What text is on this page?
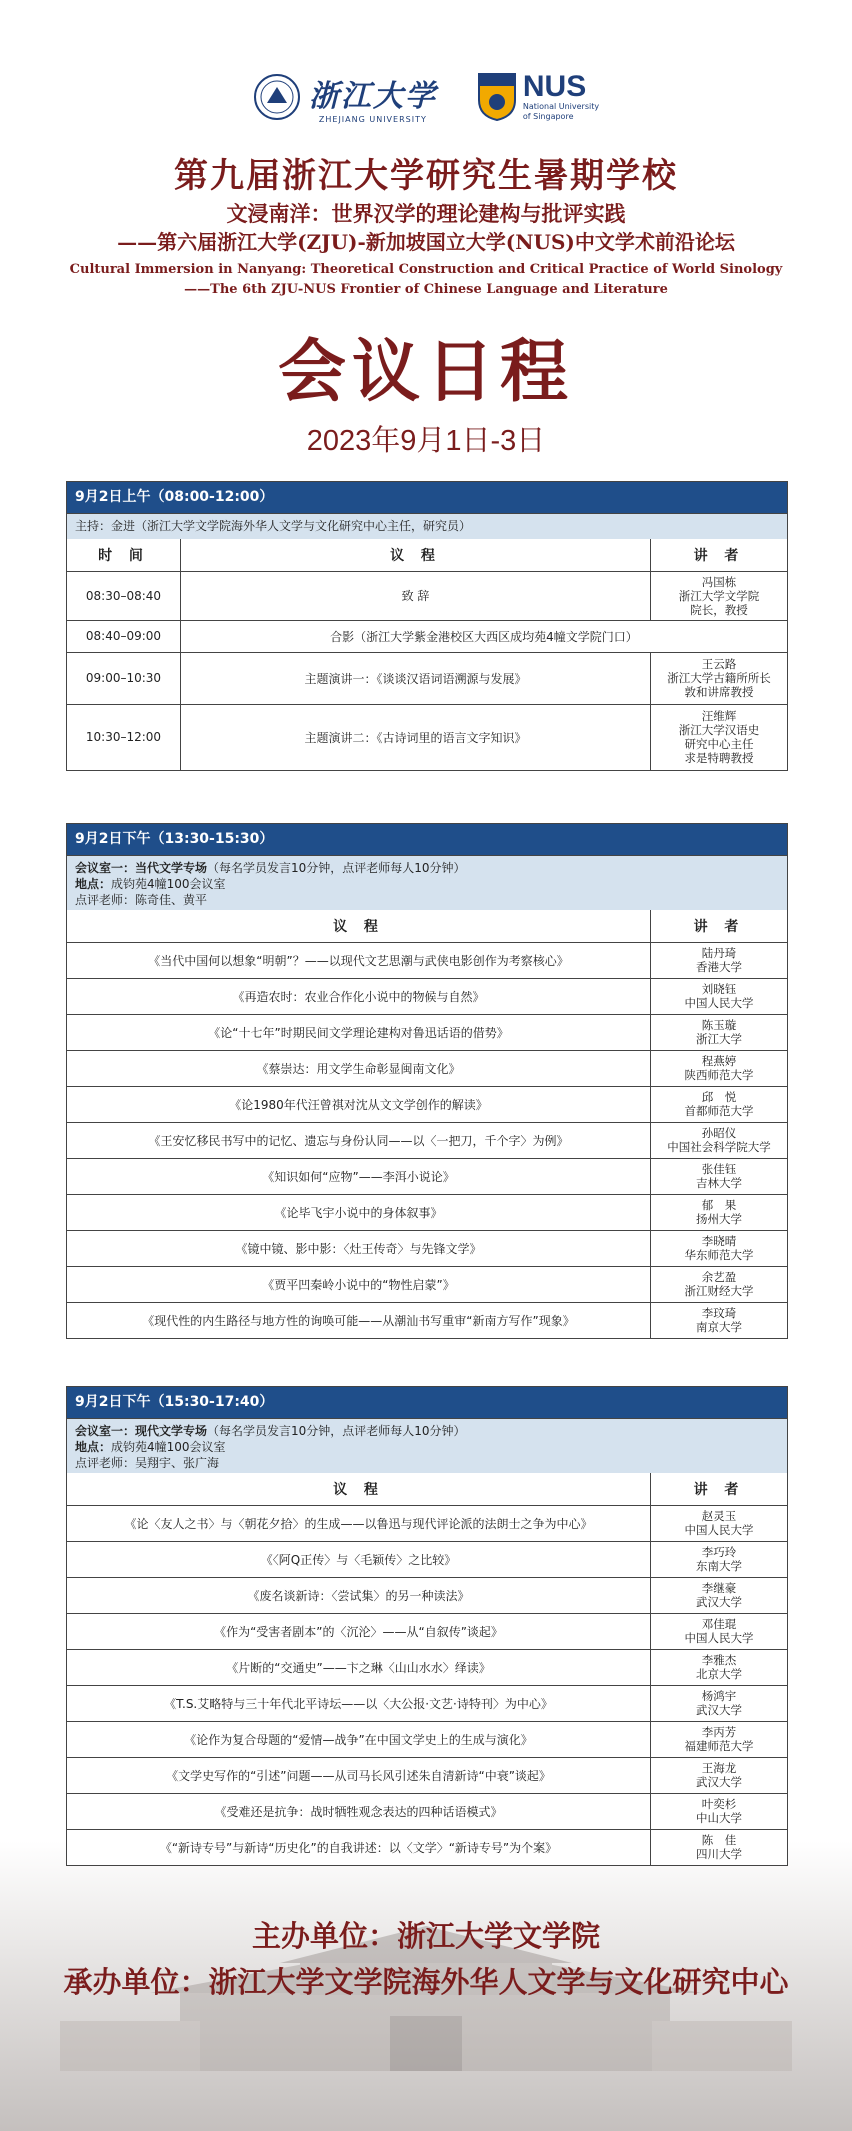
浙江大学
ZHEJIANG UNIVERSITY
NUS
National University
of Singapore
第九届浙江大学研究生暑期学校
文浸南洋：世界汉学的理论建构与批评实践
——第六届浙江大学(ZJU)-新加坡国立大学(NUS)中文学术前沿论坛
Cultural Immersion in Nanyang: Theoretical Construction and Critical Practice of World Sinology
——The 6th ZJU-NUS Frontier of Chinese Language and Literature
会议日程
2023年9月1日-3日
9月2日上午（08:00-12:00）
主持：金进（浙江大学文学院海外华人文学与文化研究中心主任，研究员）
时 间	议 程	讲 者
08:30–08:40	致 辞	冯国栋
浙江大学文学院
院长，教授

08:40–09:00	合影（浙江大学紫金港校区大西区成均苑4幢文学院门口）	
09:00–10:30	主题演讲一：《谈谈汉语词语溯源与发展》	王云路
浙江大学古籍所所长
敦和讲席教授

10:30–12:00	主题演讲二：《古诗词里的语言文字知识》	汪维辉
浙江大学汉语史
研究中心主任
求是特聘教授
9月2日下午（13:30-15:30）
会议室一：当代文学专场（每名学员发言10分钟，点评老师每人10分钟）
地点：成钧苑4幢100会议室
点评老师：陈奇佳、黄平
议 程	讲 者
《当代中国何以想象“明朝”？——以现代文艺思潮与武侠电影创作为考察核心》	陆丹琦
香港大学

《再造农时：农业合作化小说中的物候与自然》	刘晓钰
中国人民大学

《论“十七年”时期民间文学理论建构对鲁迅话语的借势》	陈玉璇
浙江大学

《蔡崇达：用文学生命彰显闽南文化》	程燕婷
陕西师范大学

《论1980年代汪曾祺对沈从文文学创作的解读》	邱　悦
首都师范大学

《王安忆移民书写中的记忆、遗忘与身份认同——以〈一把刀，千个字〉为例》	孙昭仪
中国社会科学院大学

《知识如何“应物”——李洱小说论》	张佳钰
吉林大学

《论毕飞宇小说中的身体叙事》	郁　果
扬州大学

《镜中镜、影中影：〈灶王传奇〉与先锋文学》	李晓晴
华东师范大学

《贾平凹秦岭小说中的“物性启蒙”》	余艺盈
浙江财经大学

《现代性的内生路径与地方性的询唤可能——从潮汕书写重审“新南方写作”现象》	李玟琦
南京大学
9月2日下午（15:30-17:40）
会议室一：现代文学专场（每名学员发言10分钟，点评老师每人10分钟）
地点：成钧苑4幢100会议室
点评老师：吴翔宇、张广海
议 程	讲 者
《论〈友人之书〉与〈朝花夕拾〉的生成——以鲁迅与现代评论派的法朗士之争为中心》	赵灵玉
中国人民大学

《〈阿Q正传〉与〈毛颖传〉之比较》	李巧玲
东南大学

《废名谈新诗：〈尝试集〉的另一种读法》	李继豪
武汉大学

《作为“受害者剧本”的〈沉沦〉——从“自叙传”谈起》	邓佳琨
中国人民大学

《片断的“交通史”——卞之琳〈山山水水〉绎读》	李雅杰
北京大学

《T.S.艾略特与三十年代北平诗坛——以〈大公报·文艺·诗特刊〉为中心》	杨鸿宇
武汉大学

《论作为复合母题的“爱情—战争”在中国文学史上的生成与演化》	李丙芳
福建师范大学

《文学史写作的“引述”问题——从司马长风引述朱自清新诗“中衰”谈起》	王海龙
武汉大学

《受难还是抗争：战时牺牲观念表达的四种话语模式》	叶奕杉
中山大学

《“新诗专号”与新诗“历史化”的自我讲述：以〈文学〉“新诗专号”为个案》	陈　佳
四川大学
主办单位：浙江大学文学院
承办单位：浙江大学文学院海外华人文学与文化研究中心
